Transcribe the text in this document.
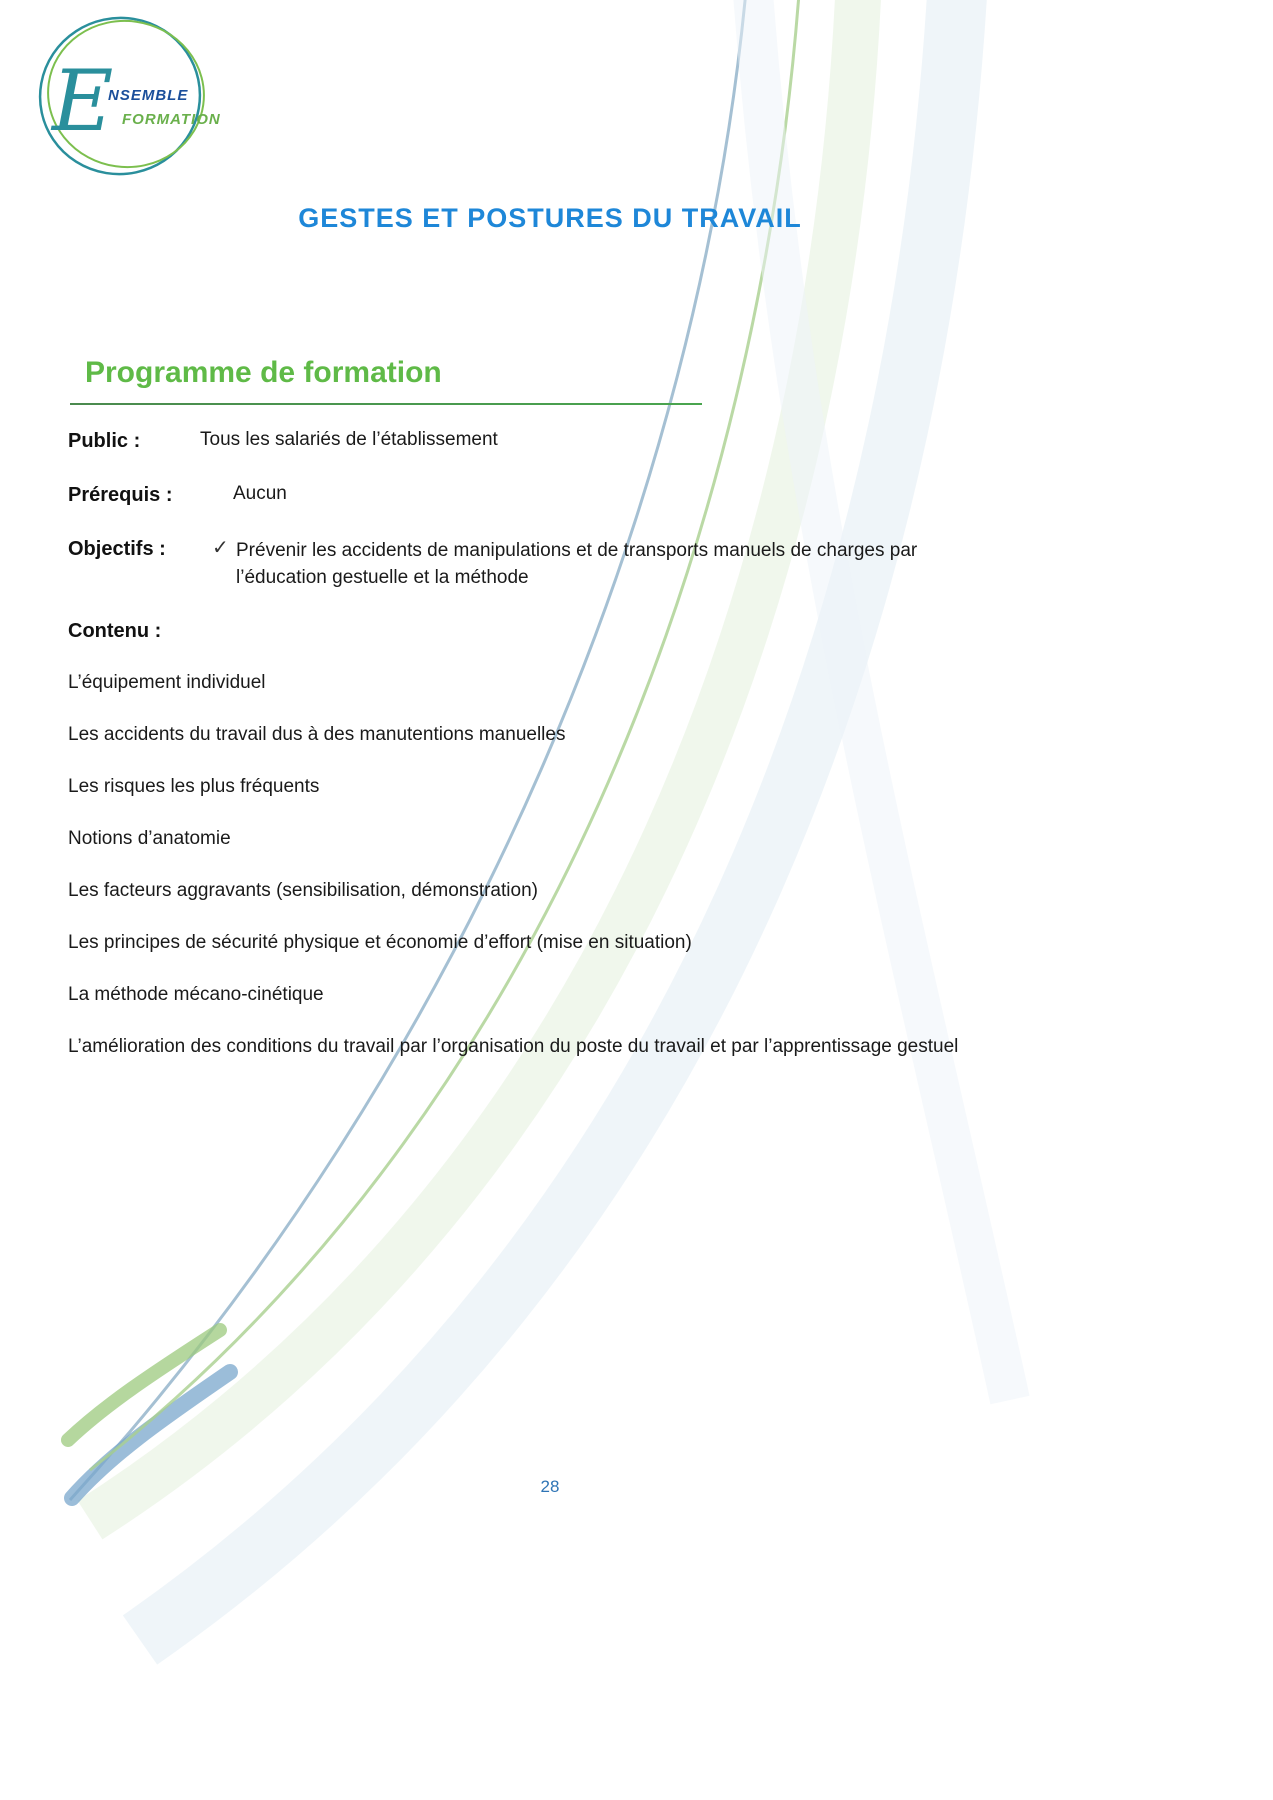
E
NSEMBLE
FORMATION
GESTES ET POSTURES DU TRAVAIL
Programme de formation
Public :	Tous les salariés de l’établissement
Prérequis :	Aucun
Objectifs : ✓ Prévenir les accidents de manipulations et de transports manuels de charges par l’éducation gestuelle et la méthode
Contenu :
L’équipement individuel
Les accidents du travail dus à des manutentions manuelles
Les risques les plus fréquents
Notions d’anatomie
Les facteurs aggravants (sensibilisation, démonstration)
Les principes de sécurité physique et économie d’effort (mise en situation)
La méthode mécano-cinétique
L’amélioration des conditions du travail par l’organisation du poste du travail et par l’apprentissage gestuel
28
